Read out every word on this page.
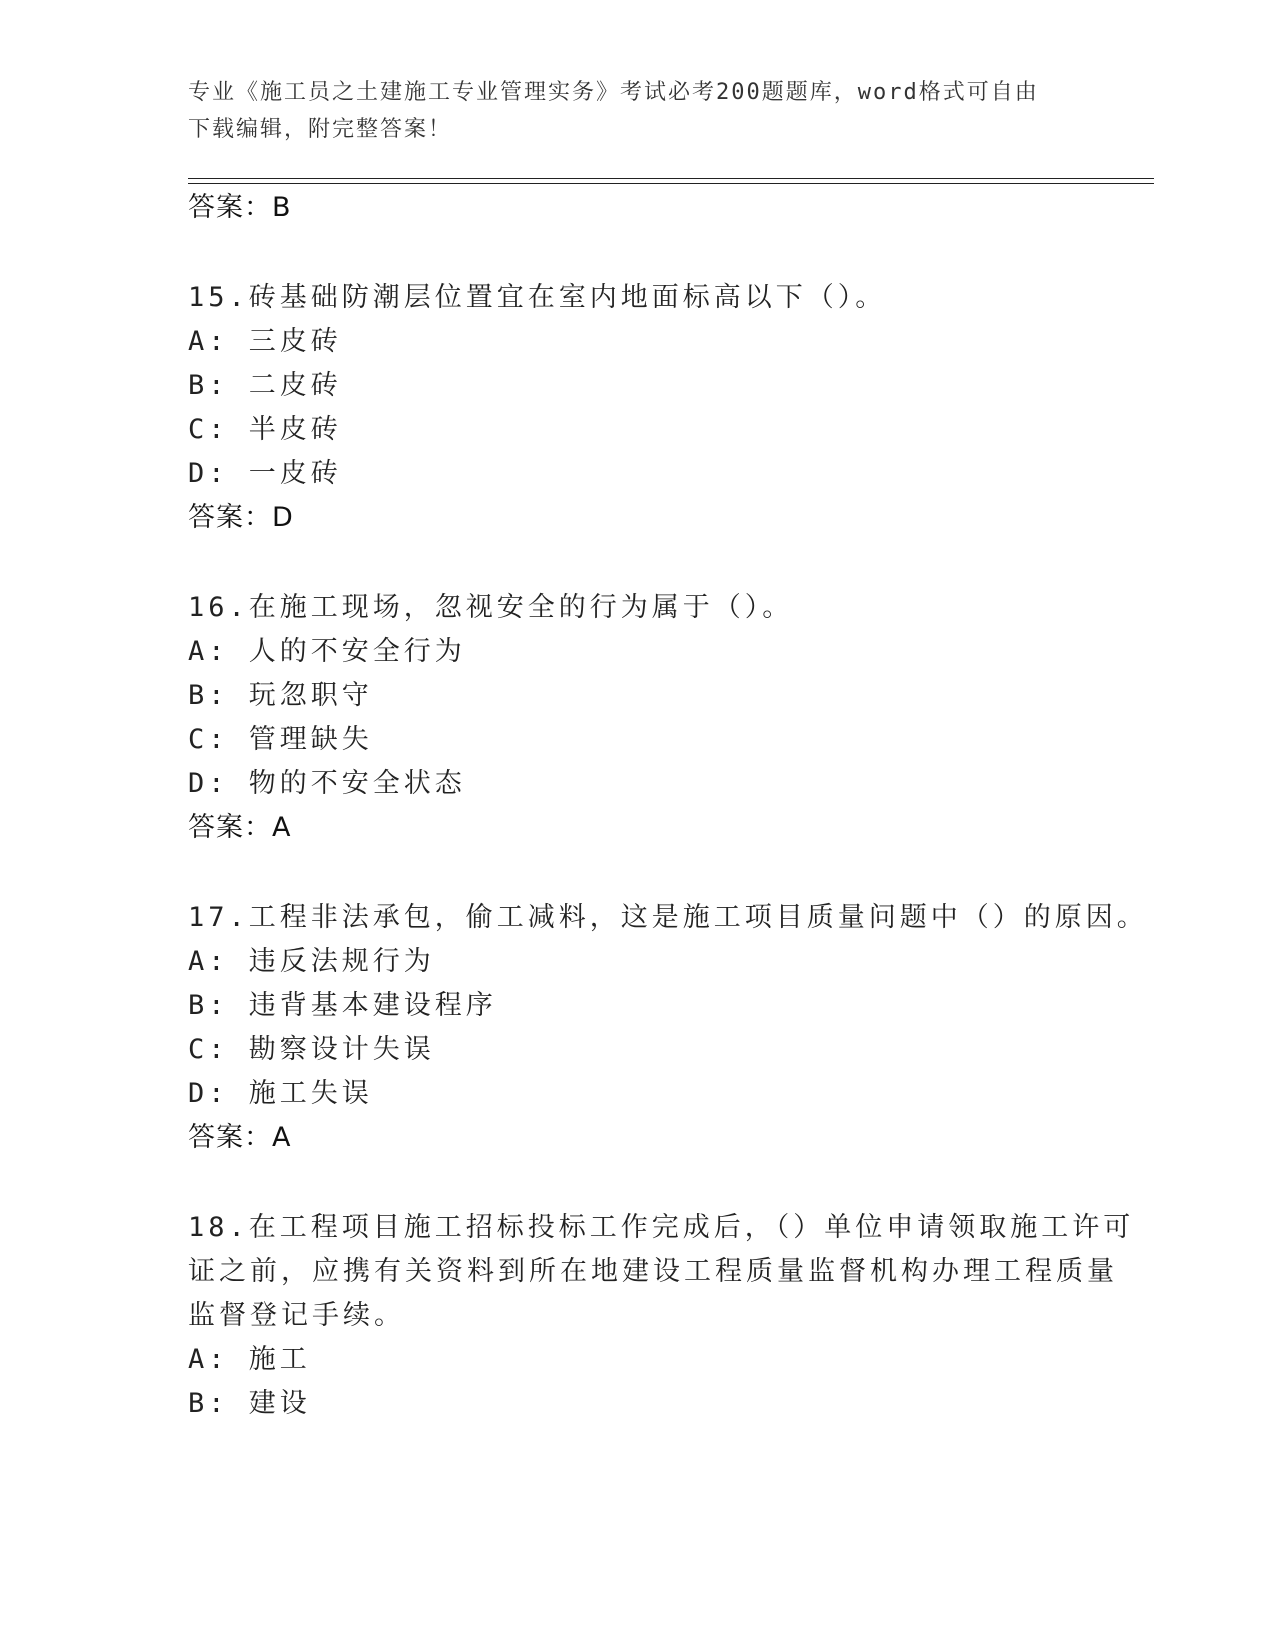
专业《施工员之土建施工专业管理实务》考试必考200题题库，word格式可自由
下载编辑，附完整答案！
答案：B
15.砖基础防潮层位置宜在室内地面标高以下（）。
A: 三皮砖
B: 二皮砖
C: 半皮砖
D: 一皮砖
答案：D
16.在施工现场，忽视安全的行为属于（）。
A: 人的不安全行为
B: 玩忽职守
C: 管理缺失
D: 物的不安全状态
答案：A
17.工程非法承包，偷工减料，这是施工项目质量问题中（）的原因。
A: 违反法规行为
B: 违背基本建设程序
C: 勘察设计失误
D: 施工失误
答案：A
18.在工程项目施工招标投标工作完成后，（）单位申请领取施工许可
证之前，应携有关资料到所在地建设工程质量监督机构办理工程质量
监督登记手续。
A: 施工
B: 建设
